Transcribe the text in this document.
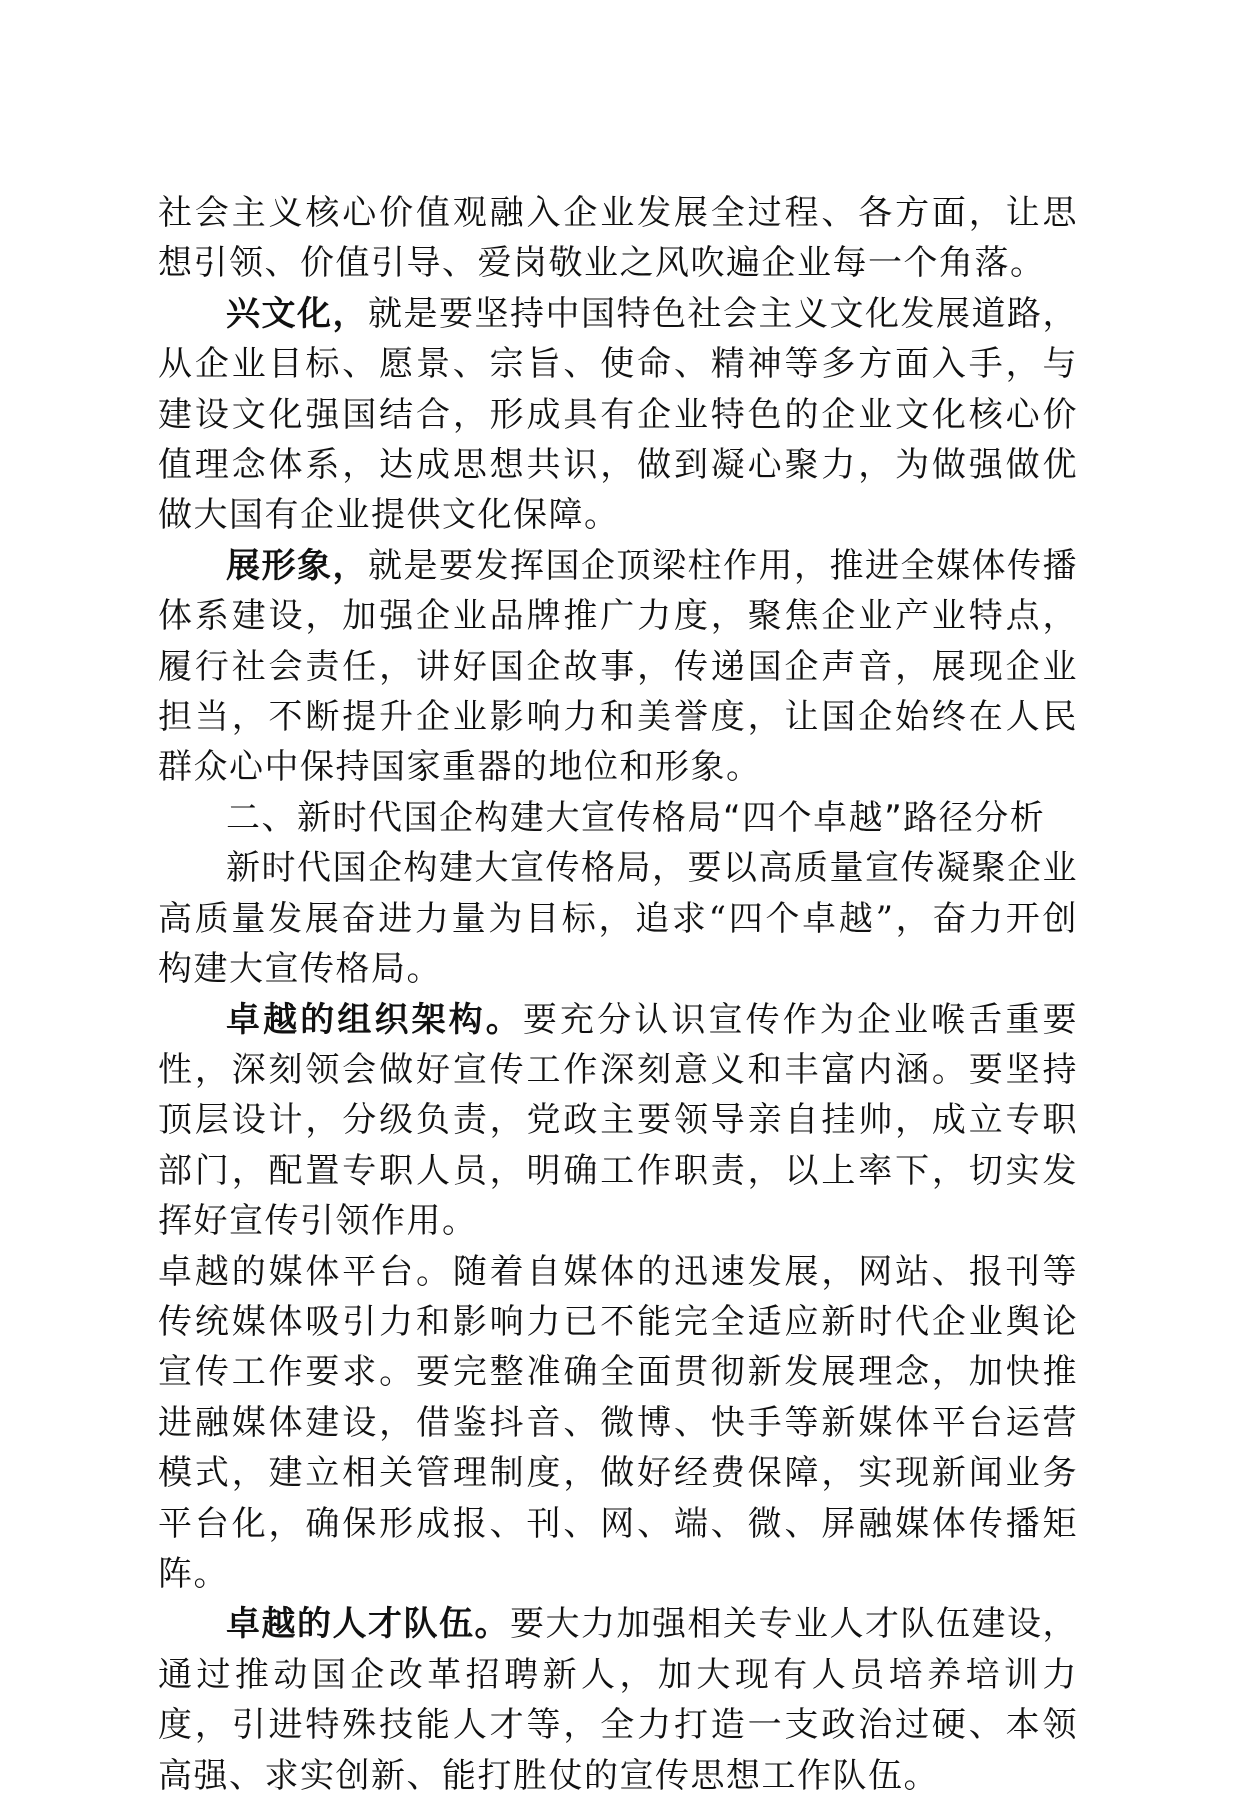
社会主义核心价值观融入企业发展全过程、各方面，让思想引领、价值引导、爱岗敬业之风吹遍企业每一个角落。

兴文化，就是要坚持中国特色社会主义文化发展道路，从企业目标、愿景、宗旨、使命、精神等多方面入手，与建设文化强国结合，形成具有企业特色的企业文化核心价值理念体系，达成思想共识，做到凝心聚力，为做强做优做大国有企业提供文化保障。

展形象，就是要发挥国企顶梁柱作用，推进全媒体传播体系建设，加强企业品牌推广力度，聚焦企业产业特点，履行社会责任，讲好国企故事，传递国企声音，展现企业担当，不断提升企业影响力和美誉度，让国企始终在人民群众心中保持国家重器的地位和形象。

二、新时代国企构建大宣传格局“四个卓越”路径分析

新时代国企构建大宣传格局，要以高质量宣传凝聚企业高质量发展奋进力量为目标，追求“四个卓越”，奋力开创构建大宣传格局。

卓越的组织架构。要充分认识宣传作为企业喉舌重要性，深刻领会做好宣传工作深刻意义和丰富内涵。要坚持顶层设计，分级负责，党政主要领导亲自挂帅，成立专职部门，配置专职人员，明确工作职责，以上率下，切实发挥好宣传引领作用。

卓越的媒体平台。随着自媒体的迅速发展，网站、报刊等传统媒体吸引力和影响力已不能完全适应新时代企业舆论宣传工作要求。要完整准确全面贯彻新发展理念，加快推进融媒体建设，借鉴抖音、微博、快手等新媒体平台运营模式，建立相关管理制度，做好经费保障，实现新闻业务平台化，确保形成报、刊、网、端、微、屏融媒体传播矩阵。

卓越的人才队伍。要大力加强相关专业人才队伍建设，通过推动国企改革招聘新人，加大现有人员培养培训力度，引进特殊技能人才等，全力打造一支政治过硬、本领高强、求实创新、能打胜仗的宣传思想工作队伍。
